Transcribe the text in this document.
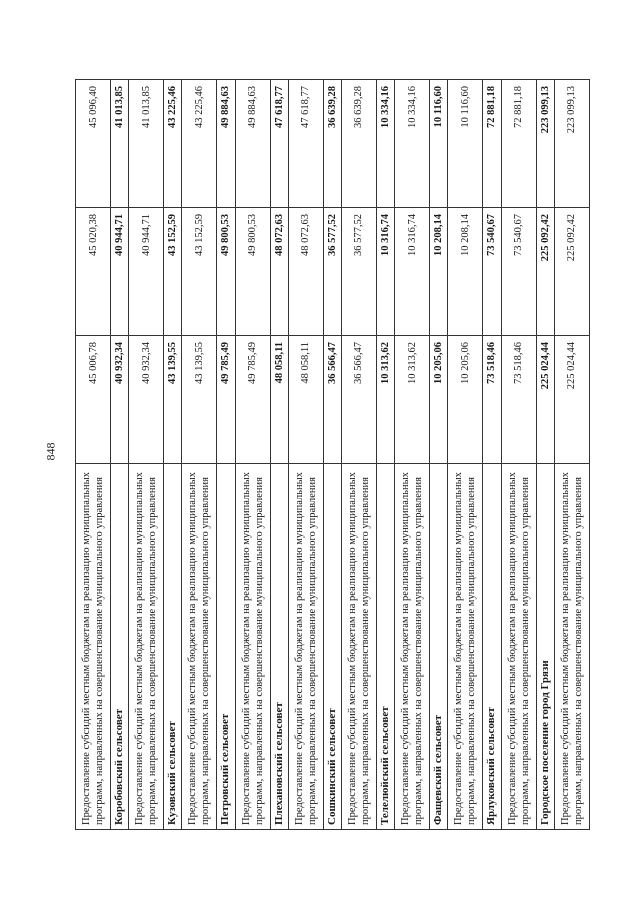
848
Предоставление субсидий местным бюджетам на реализацию муниципальных программ, направленных на совершенствование муниципального управления	45 006,78	45 020,38	45 096,40
Коробовский сельсовет	40 932,34	40 944,71	41 013,85
Предоставление субсидий местным бюджетам на реализацию муниципальных программ, направленных на совершенствование муниципального управления	40 932,34	40 944,71	41 013,85
Кузовский сельсовет	43 139,55	43 152,59	43 225,46
Предоставление субсидий местным бюджетам на реализацию муниципальных программ, направленных на совершенствование муниципального управления	43 139,55	43 152,59	43 225,46
Петровский сельсовет	49 785,49	49 800,53	49 884,63
Предоставление субсидий местным бюджетам на реализацию муниципальных программ, направленных на совершенствование муниципального управления	49 785,49	49 800,53	49 884,63
Плехановский сельсовет	48 058,11	48 072,63	47 618,77
Предоставление субсидий местным бюджетам на реализацию муниципальных программ, направленных на совершенствование муниципального управления	48 058,11	48 072,63	47 618,77
Сошкинский сельсовет	36 566,47	36 577,52	36 639,28
Предоставление субсидий местным бюджетам на реализацию муниципальных программ, направленных на совершенствование муниципального управления	36 566,47	36 577,52	36 639,28
Телелюйский сельсовет	10 313,62	10 316,74	10 334,16
Предоставление субсидий местным бюджетам на реализацию муниципальных программ, направленных на совершенствование муниципального управления	10 313,62	10 316,74	10 334,16
Фащевский сельсовет	10 205,06	10 208,14	10 116,60
Предоставление субсидий местным бюджетам на реализацию муниципальных программ, направленных на совершенствование муниципального управления	10 205,06	10 208,14	10 116,60
Ярлуковский сельсовет	73 518,46	73 540,67	72 881,18
Предоставление субсидий местным бюджетам на реализацию муниципальных программ, направленных на совершенствование муниципального управления	73 518,46	73 540,67	72 881,18
Городское поселение город Грязи	225 024,44	225 092,42	223 099,13
Предоставление субсидий местным бюджетам на реализацию муниципальных программ, направленных на совершенствование муниципального управления	225 024,44	225 092,42	223 099,13
